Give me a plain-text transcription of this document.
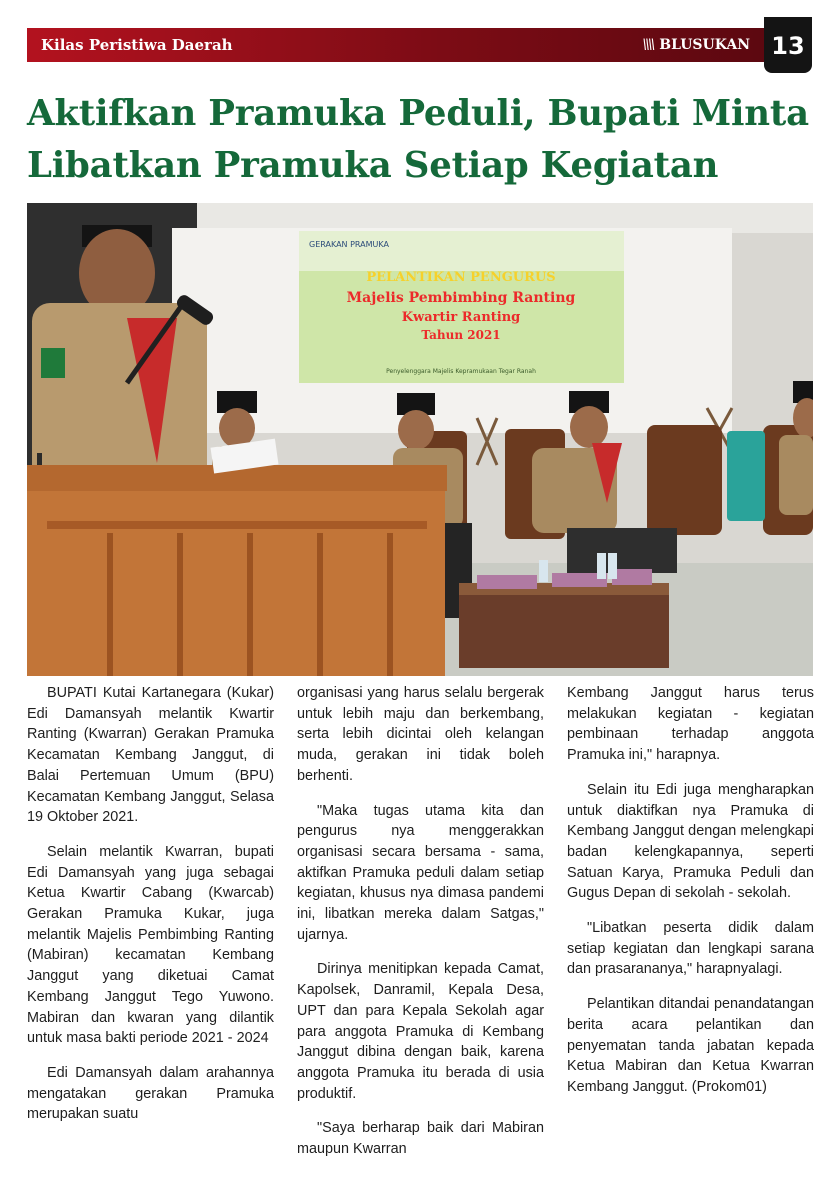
Kilas Peristiwa Daerah	\\\\ BLUSUKAN 13
Aktifkan Pramuka Peduli, Bupati Minta Libatkan Pramuka Setiap Kegiatan
GERAKAN PRAMUKA
PELANTIKAN PENGURUS
Majelis Pembimbing Ranting
Kwartir Ranting
Tahun 2021
Penyelenggara Majelis Kepramukaan Tegar Ranah

BUPATI Kutai Kartanegara (Kukar) Edi Damansyah melantik Kwartir Ranting (Kwarran) Gerakan Pramuka Kecamatan Kembang Janggut, di Balai Pertemuan Umum (BPU) Kecamatan Kembang Janggut, Selasa 19 Oktober 2021.

Selain melantik Kwarran, bupati Edi Damansyah yang juga sebagai Ketua Kwartir Cabang (Kwarcab) Gerakan Pramuka Kukar, juga melantik Majelis Pembimbing Ranting (Mabiran) kecamatan Kembang Janggut yang diketuai Camat Kembang Janggut Tego Yuwono. Mabiran dan kwaran yang dilantik untuk masa bakti periode 2021 - 2024

Edi Damansyah dalam arahannya mengatakan gerakan Pramuka merupakan suatu

organisasi yang harus selalu bergerak untuk lebih maju dan berkembang, serta lebih dicintai oleh kelangan muda, gerakan ini tidak boleh berhenti.

"Maka tugas utama kita dan pengurus nya menggerakkan organisasi secara bersama - sama, aktifkan Pramuka peduli dalam setiap kegiatan, khusus nya dimasa pandemi ini, libatkan mereka dalam Satgas," ujarnya.

Dirinya menitipkan kepada Camat, Kapolsek, Danramil, Kepala Desa, UPT dan para Kepala Sekolah agar para anggota Pramuka di Kembang Janggut dibina dengan baik, karena anggota Pramuka itu berada di usia produktif.

"Saya berharap baik dari Mabiran maupun Kwarran

Kembang Janggut harus terus melakukan kegiatan - kegiatan pembinaan terhadap anggota Pramuka ini," harapnya.

Selain itu Edi juga mengharapkan untuk diaktifkan nya Pramuka di Kembang Janggut dengan melengkapi badan kelengkapannya, seperti Satuan Karya, Pramuka Peduli dan Gugus Depan di sekolah - sekolah.

"Libatkan peserta didik dalam setiap kegiatan dan lengkapi sarana dan prasarananya," harapnyalagi.

Pelantikan ditandai penandatangan berita acara pelantikan dan penyematan tanda jabatan kepada Ketua Mabiran dan Ketua Kwarran Kembang Janggut. (Prokom01)
